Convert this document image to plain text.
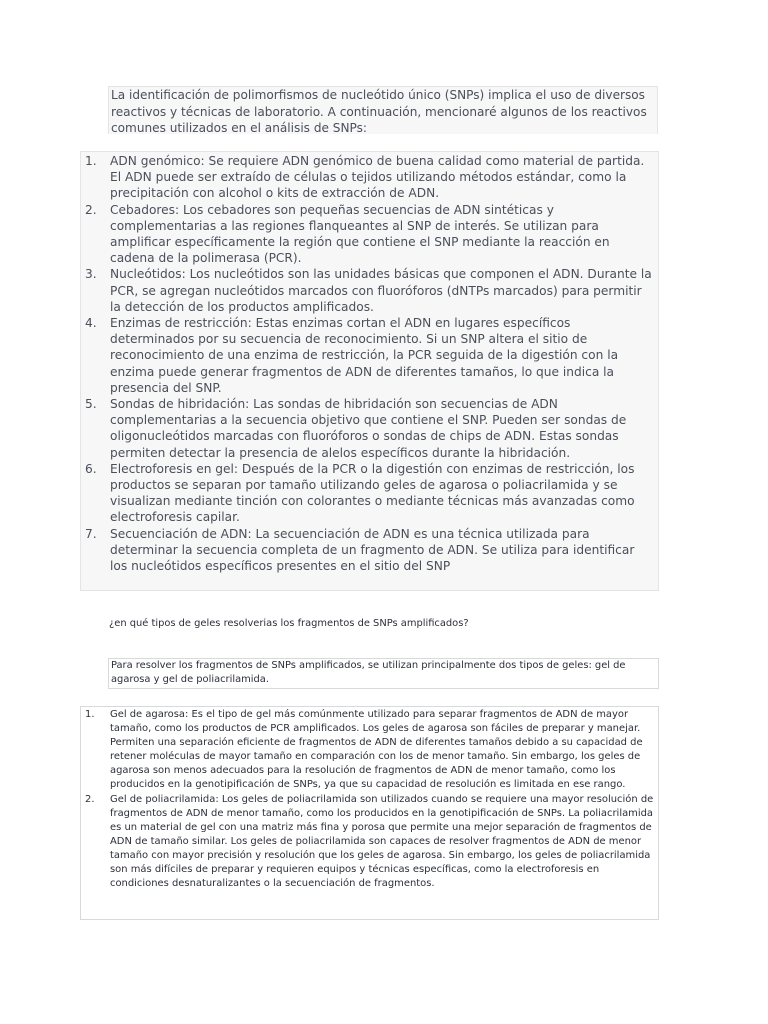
La identificación de polimorfismos de nucleótido único (SNPs) implica el uso de diversos reactivos y técnicas de laboratorio. A continuación, mencionaré algunos de los reactivos comunes utilizados en el análisis de SNPs:
1. ADN genómico: Se requiere ADN genómico de buena calidad como material de partida. El ADN puede ser extraído de células o tejidos utilizando métodos estándar, como la precipitación con alcohol o kits de extracción de ADN.
2. Cebadores: Los cebadores son pequeñas secuencias de ADN sintéticas y complementarias a las regiones flanqueantes al SNP de interés. Se utilizan para amplificar específicamente la región que contiene el SNP mediante la reacción en cadena de la polimerasa (PCR).
3. Nucleótidos: Los nucleótidos son las unidades básicas que componen el ADN. Durante la PCR, se agregan nucleótidos marcados con fluoróforos (dNTPs marcados) para permitir la detección de los productos amplificados.
4. Enzimas de restricción: Estas enzimas cortan el ADN en lugares específicos determinados por su secuencia de reconocimiento. Si un SNP altera el sitio de reconocimiento de una enzima de restricción, la PCR seguida de la digestión con la enzima puede generar fragmentos de ADN de diferentes tamaños, lo que indica la presencia del SNP.
5. Sondas de hibridación: Las sondas de hibridación son secuencias de ADN complementarias a la secuencia objetivo que contiene el SNP. Pueden ser sondas de oligonucleótidos marcadas con fluoróforos o sondas de chips de ADN. Estas sondas permiten detectar la presencia de alelos específicos durante la hibridación.
6. Electroforesis en gel: Después de la PCR o la digestión con enzimas de restricción, los productos se separan por tamaño utilizando geles de agarosa o poliacrilamida y se visualizan mediante tinción con colorantes o mediante técnicas más avanzadas como electroforesis capilar.
7. Secuenciación de ADN: La secuenciación de ADN es una técnica utilizada para determinar la secuencia completa de un fragmento de ADN. Se utiliza para identificar los nucleótidos específicos presentes en el sitio del SNP
¿en qué tipos de geles resolverias los fragmentos de SNPs amplificados?
Para resolver los fragmentos de SNPs amplificados, se utilizan principalmente dos tipos de geles: gel de agarosa y gel de poliacrilamida.
1. Gel de agarosa: Es el tipo de gel más comúnmente utilizado para separar fragmentos de ADN de mayor tamaño, como los productos de PCR amplificados. Los geles de agarosa son fáciles de preparar y manejar. Permiten una separación eficiente de fragmentos de ADN de diferentes tamaños debido a su capacidad de retener moléculas de mayor tamaño en comparación con los de menor tamaño. Sin embargo, los geles de agarosa son menos adecuados para la resolución de fragmentos de ADN de menor tamaño, como los producidos en la genotipificación de SNPs, ya que su capacidad de resolución es limitada en ese rango.
2. Gel de poliacrilamida: Los geles de poliacrilamida son utilizados cuando se requiere una mayor resolución de fragmentos de ADN de menor tamaño, como los producidos en la genotipificación de SNPs. La poliacrilamida es un material de gel con una matriz más fina y porosa que permite una mejor separación de fragmentos de ADN de tamaño similar. Los geles de poliacrilamida son capaces de resolver fragmentos de ADN de menor tamaño con mayor precisión y resolución que los geles de agarosa. Sin embargo, los geles de poliacrilamida son más difíciles de preparar y requieren equipos y técnicas específicas, como la electroforesis en condiciones desnaturalizantes o la secuenciación de fragmentos.
